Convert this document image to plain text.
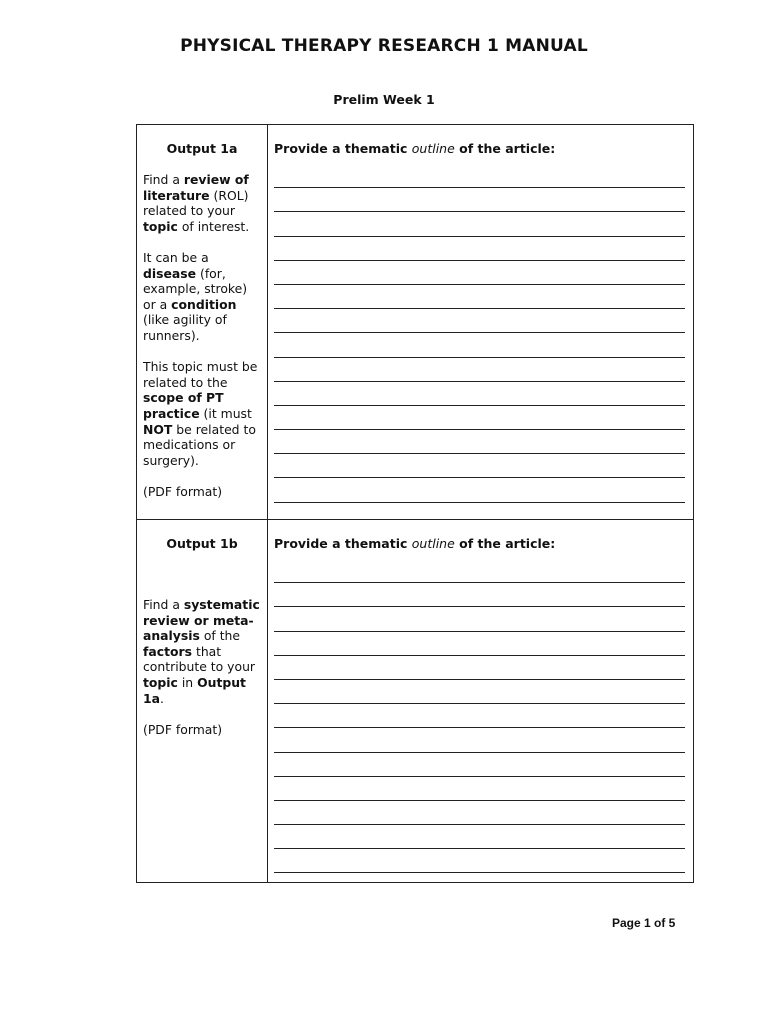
PHYSICAL THERAPY RESEARCH 1 MANUAL
Prelim Week 1
Output 1a

Find a review of literature (ROL) related to your topic of interest.

It can be a disease (for, example, stroke) or a condition (like agility of runners).

This topic must be related to the scope of PT practice (it must NOT be related to medications or surgery).

(PDF format)	Provide a thematic outline of the article:

Output 1b

Find a systematic review or meta-analysis of the factors that contribute to your topic in Output 1a.

(PDF format)	Provide a thematic outline of the article:
Page 1 of 5
